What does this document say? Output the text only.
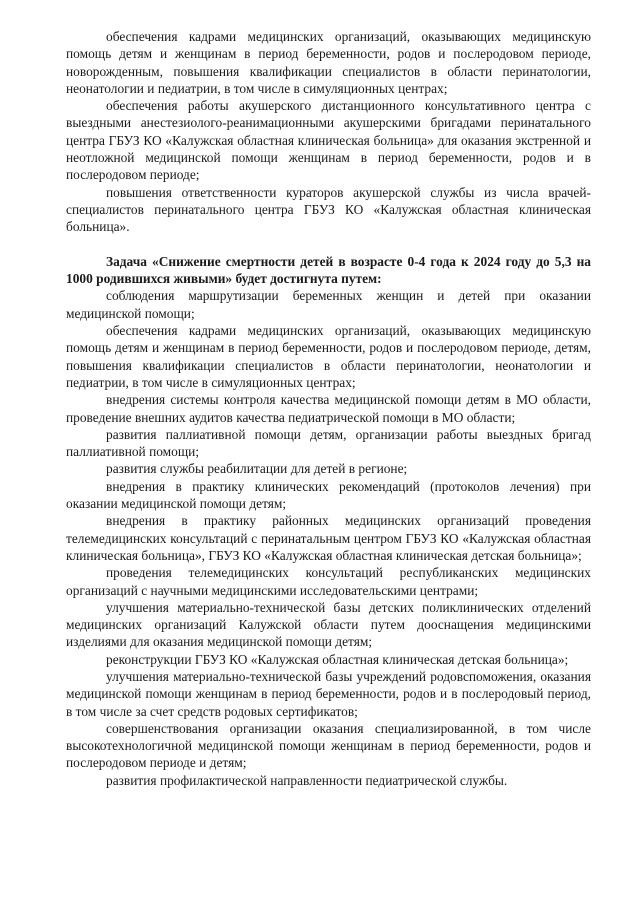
обеспечения кадрами медицинских организаций, оказывающих медицинскую помощь детям и женщинам в период беременности, родов и послеродовом периоде, новорожденным, повышения квалификации специалистов в области перинатологии, неонатологии и педиатрии, в том числе в симуляционных центрах;

обеспечения работы акушерского дистанционного консультативного центра с выездными анестезиолого-реанимационными акушерскими бригадами перинатального центра ГБУЗ КО «Калужская областная клиническая больница» для оказания экстренной и неотложной медицинской помощи женщинам в период беременности, родов и в послеродовом периоде;

повышения ответственности кураторов акушерской службы из числа врачей-специалистов перинатального центра ГБУЗ КО «Калужская областная клиническая больница».

Задача «Снижение смертности детей в возрасте 0-4 года к 2024 году до 5,3 на 1000 родившихся живыми» будет достигнута путем:

соблюдения маршрутизации беременных женщин и детей при оказании медицинской помощи;

обеспечения кадрами медицинских организаций, оказывающих медицинскую помощь детям и женщинам в период беременности, родов и послеродовом периоде, детям, повышения квалификации специалистов в области перинатологии, неонатологии и педиатрии, в том числе в симуляционных центрах;

внедрения системы контроля качества медицинской помощи детям в МО области, проведение внешних аудитов качества педиатрической помощи в МО области;

развития паллиативной помощи детям, организации работы выездных бригад паллиативной помощи;

развития службы реабилитации для детей в регионе;

внедрения в практику клинических рекомендаций (протоколов лечения) при оказании медицинской помощи детям;

внедрения в практику районных медицинских организаций проведения телемедицинских консультаций с перинатальным центром ГБУЗ КО «Калужская областная клиническая больница», ГБУЗ КО «Калужская областная клиническая детская больница»;

проведения телемедицинских консультаций республиканских медицинских организаций с научными медицинскими исследовательскими центрами;

улучшения материально-технической базы детских поликлинических отделений медицинских организаций Калужской области путем дооснащения медицинскими изделиями для оказания медицинской помощи детям;

реконструкции ГБУЗ КО «Калужская областная клиническая детская больница»;

улучшения материально-технической базы учреждений родовспоможения, оказания медицинской помощи женщинам в период беременности, родов и в послеродовый период, в том числе за счет средств родовых сертификатов;

совершенствования организации оказания специализированной, в том числе высокотехнологичной медицинской помощи женщинам в период беременности, родов и послеродовом периоде и детям;

развития профилактической направленности педиатрической службы.
